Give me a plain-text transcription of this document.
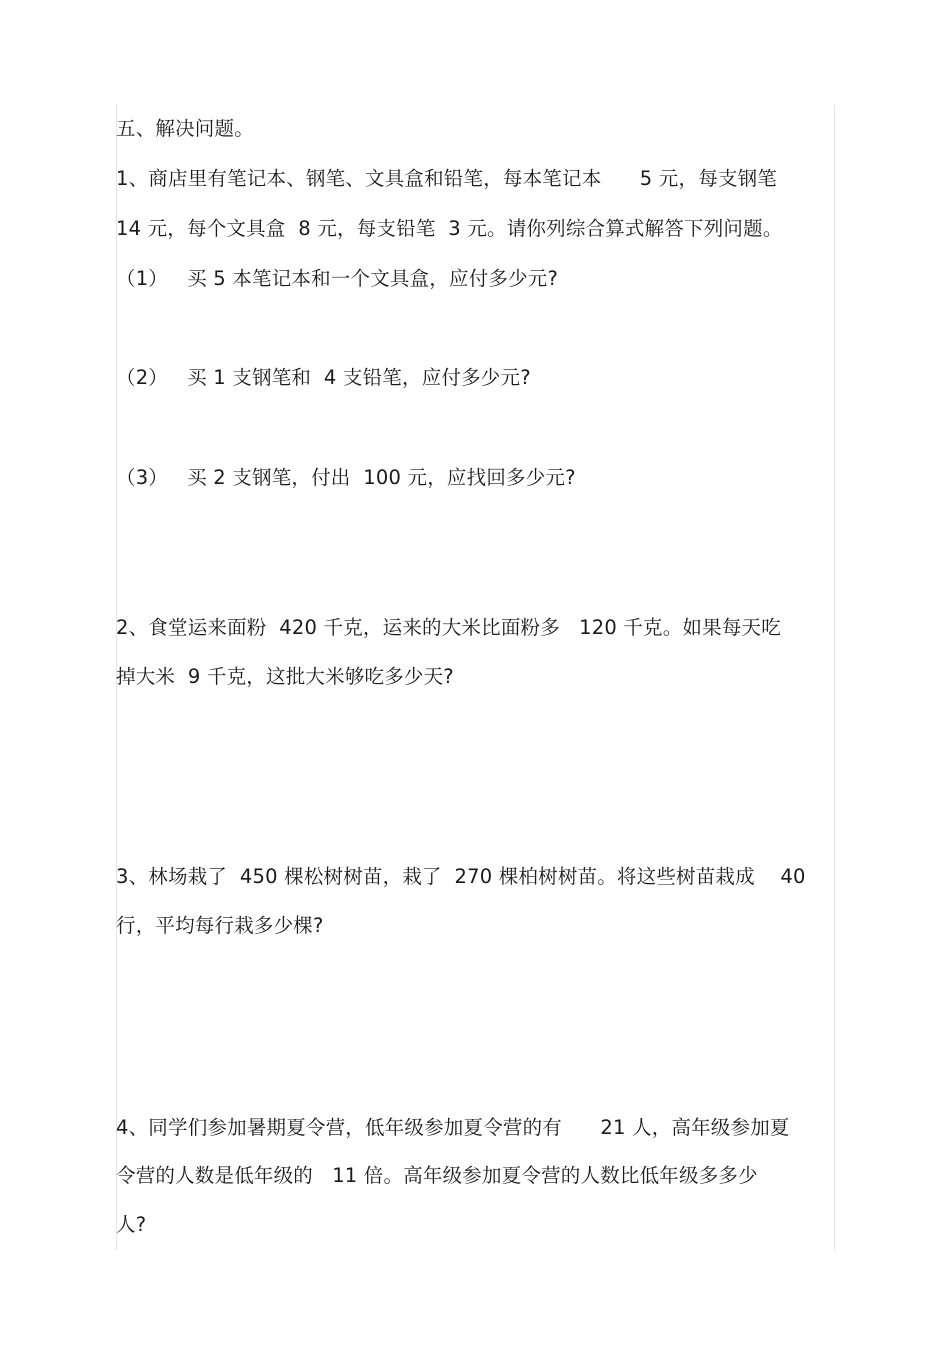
五、解决问题。
1、商店里有笔记本、钢笔、文具盒和铅笔，每本笔记本      5 元，每支钢笔
14 元，每个文具盒  8 元，每支铅笔  3 元。请你列综合算式解答下列问题。
（1）   买 5 本笔记本和一个文具盒，应付多少元?
（2）   买 1 支钢笔和  4 支铅笔，应付多少元?
（3）   买 2 支钢笔，付出  100 元，应找回多少元?
2、食堂运来面粉  420 千克，运来的大米比面粉多   120 千克。如果每天吃
掉大米  9 千克，这批大米够吃多少天?
3、林场栽了  450 棵松树树苗，栽了  270 棵柏树树苗。将这些树苗栽成    40
行，平均每行栽多少棵?
4、同学们参加暑期夏令营，低年级参加夏令营的有      21 人，高年级参加夏
令营的人数是低年级的   11 倍。高年级参加夏令营的人数比低年级多多少
人?
